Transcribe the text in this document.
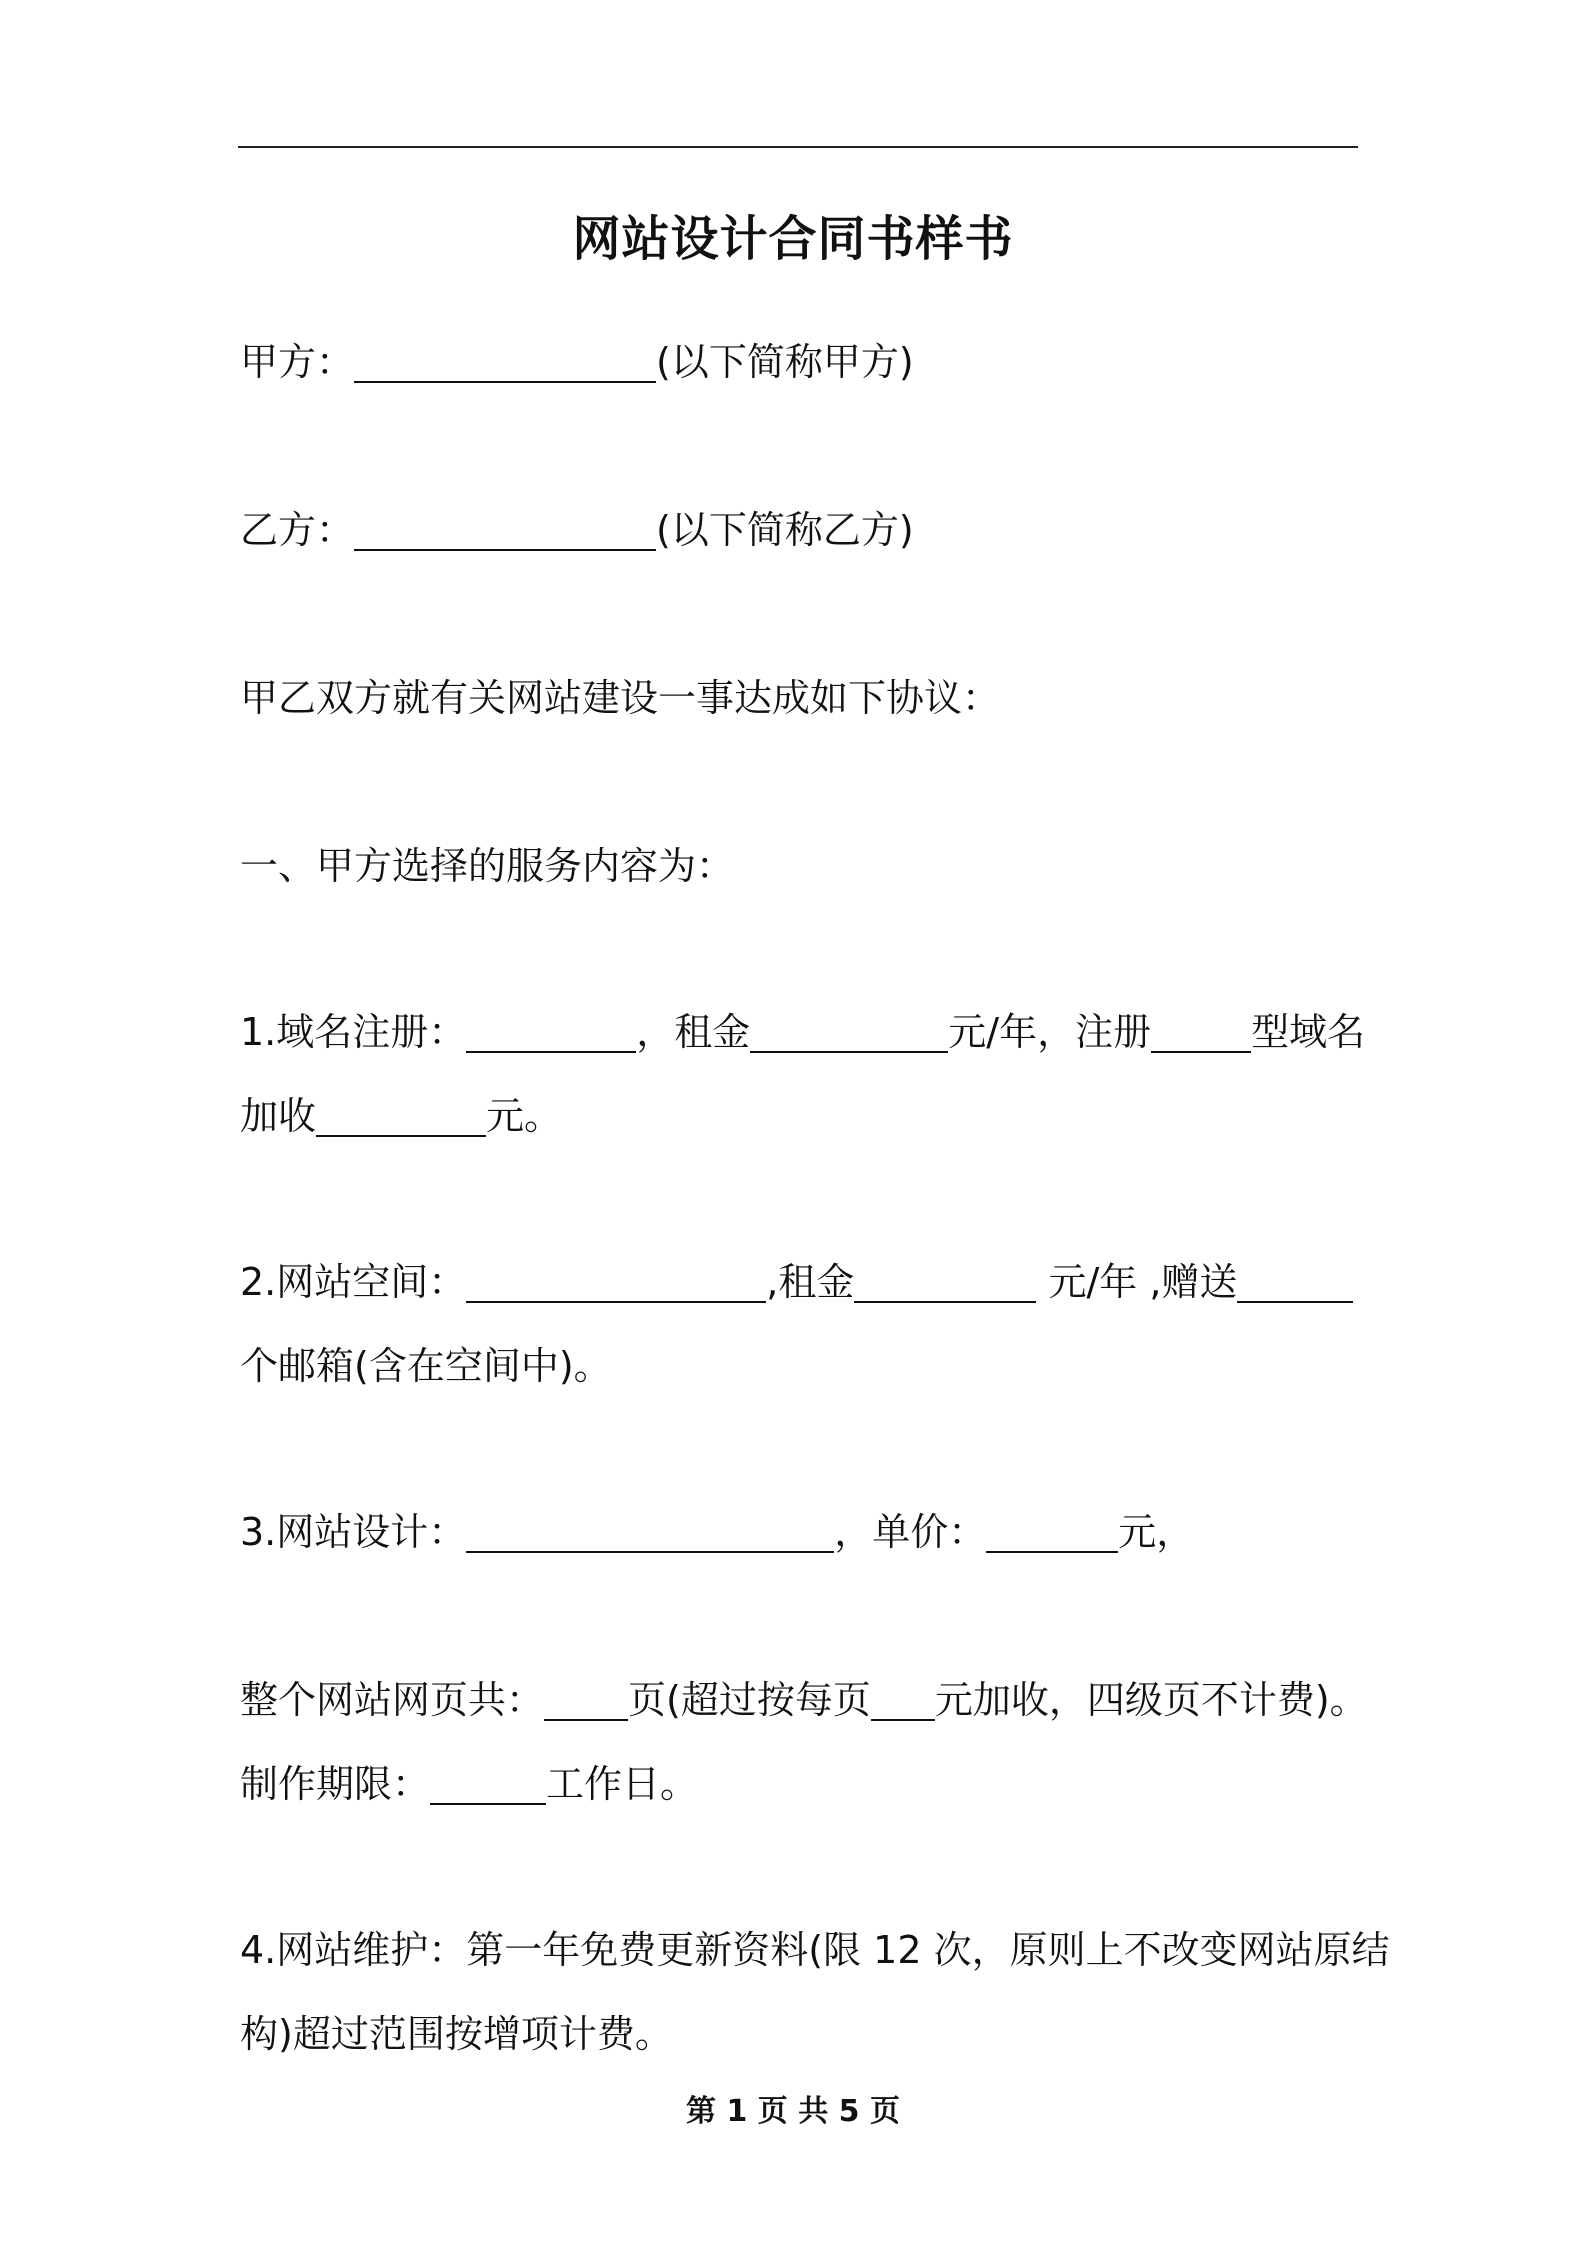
网站设计合同书样书
甲方：	(以下简称甲方)
乙方：	(以下简称乙方)
甲乙双方就有关网站建设一事达成如下协议：
一、甲方选择的服务内容为：
1.域名注册：	，租金	元/年，注册	型域名
加收	元。
2.网站空间：	,租金	元/年 ,赠送
个邮箱(含在空间中)。
3.网站设计：	，单价：	元，
整个网站网页共： 页(超过按每页 元加收，四级页不计费)。
制作期限：	工作日。
4.网站维护：第一年免费更新资料(限 12 次，原则上不改变网站原结
构)超过范围按增项计费。
第 1 页 共 5 页
